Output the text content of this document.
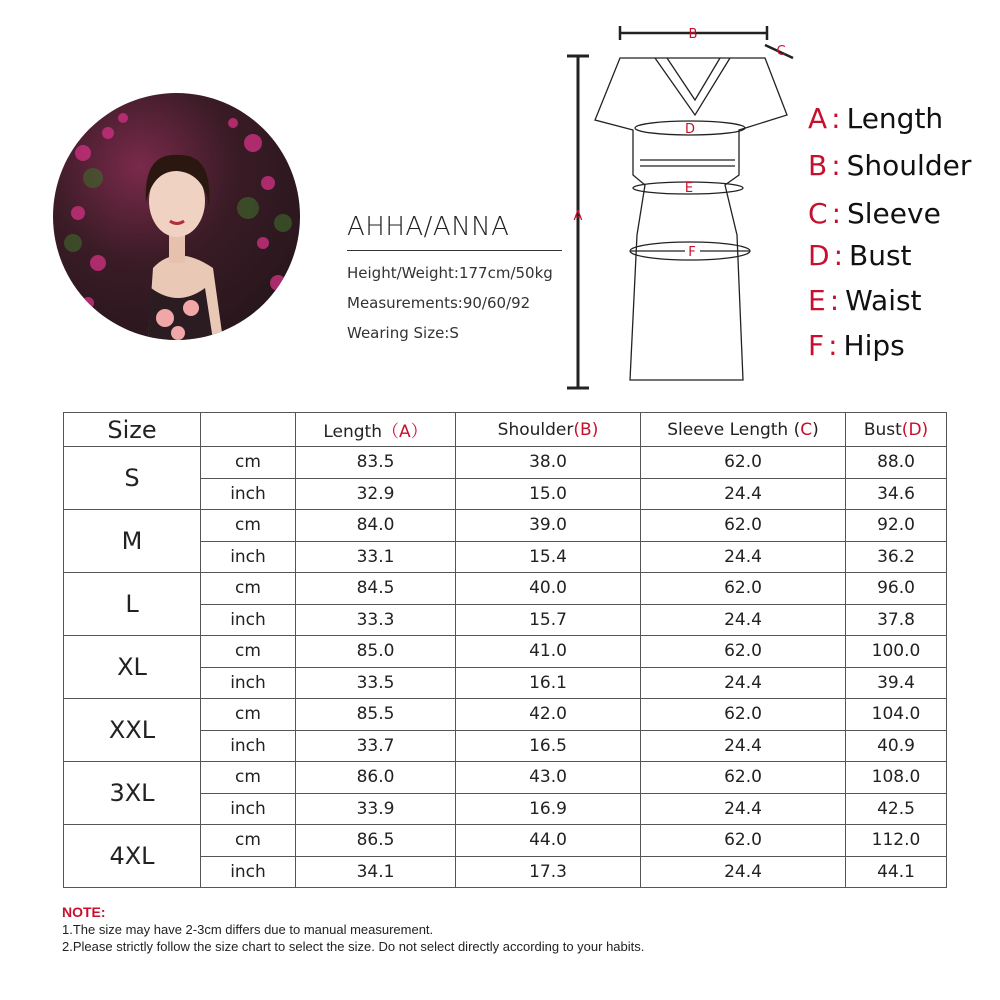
AHHA/ANNA
Height/Weight:177cm/50kg
Measurements:90/60/92
Wearing Size:S
A
B
C
D
E
F
A : Length
B : Shoulder
C : Sleeve
D : Bust
E : Waist
F : Hips
Size		Length（A）	Shoulder(B)	Sleeve Length (C)	Bust(D)
S	cm	83.5	38.0	62.0	88.0
	inch	32.9	15.0	24.4	34.6
M	cm	84.0	39.0	62.0	92.0
	inch	33.1	15.4	24.4	36.2
L	cm	84.5	40.0	62.0	96.0
	inch	33.3	15.7	24.4	37.8
XL	cm	85.0	41.0	62.0	100.0
	inch	33.5	16.1	24.4	39.4
XXL	cm	85.5	42.0	62.0	104.0
	inch	33.7	16.5	24.4	40.9
3XL	cm	86.0	43.0	62.0	108.0
	inch	33.9	16.9	24.4	42.5
4XL	cm	86.5	44.0	62.0	112.0
	inch	34.1	17.3	24.4	44.1
NOTE:
1.The size may have 2-3cm differs due to manual measurement.
2.Please strictly follow the size chart to select the size. Do not select directly according to your habits.
